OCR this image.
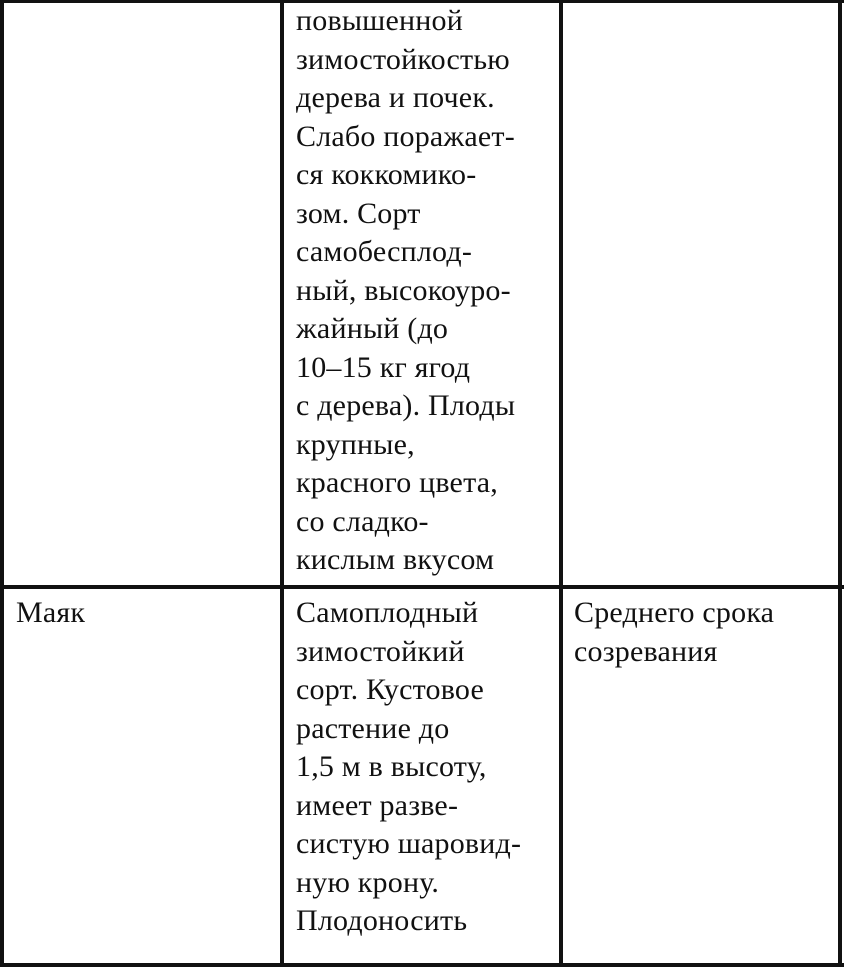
повышенной
зимостойкостью
дерева и почек.
Слабо поражает-
ся коккомико-
зом. Сорт
самобесплод-
ный, высокоуро-
жайный (до
10–15 кг ягод
с дерева). Плоды
крупные,
красного цвета,
со сладко-
кислым вкусом
Маяк	Самоплодный
зимостойкий
сорт. Кустовое
растение до
1,5 м в высоту,
имеет разве-
систую шаровид-
ную крону.
Плодоносить
Среднего срока
созревания
